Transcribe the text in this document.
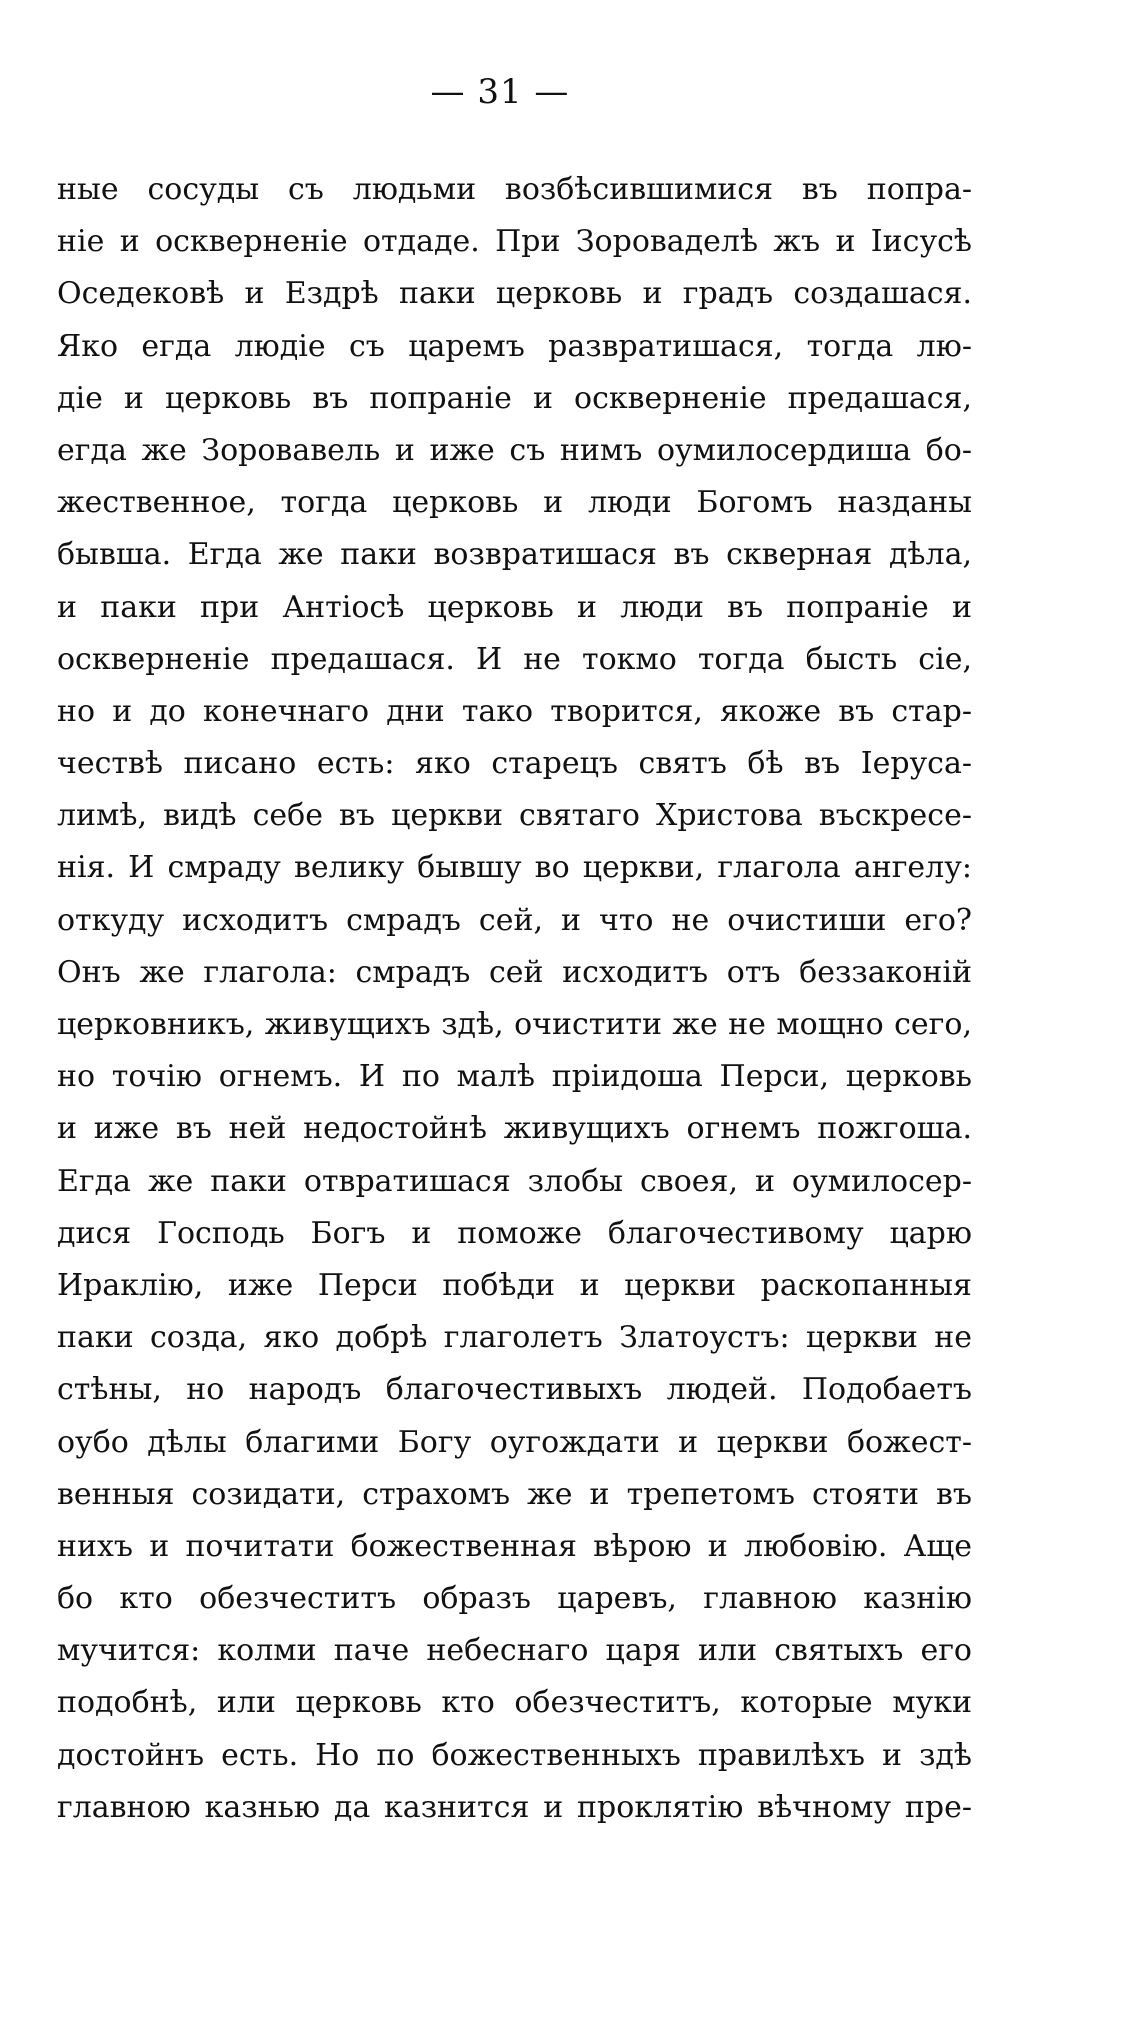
— 31 —
ные сосуды съ людьми возбѣсившимися въ попра-
ніе и оскверненіе отдаде. При Зороваделѣ жъ и Іисусѣ
Оседековѣ и Ездрѣ паки церковь и градъ создашася.
Яко егда людіе съ царемъ развратишася, тогда лю-
діе и церковь въ попраніе и оскверненіе предашася,
егда же Зоровавель и иже съ нимъ оумилосердиша бо-
жественное, тогда церковь и люди Богомъ назданы
бывша. Егда же паки возвратишася въ скверная дѣла,
и паки при Антіосѣ церковь и люди въ попраніе и
оскверненіе предашася. И не токмо тогда бысть сіе,
но и до конечнаго дни тако творится, якоже въ стар-
чествѣ писано есть: яко старецъ святъ бѣ въ Іеруса-
лимѣ, видѣ себе въ церкви святаго Христова въскресе-
нія. И смраду велику бывшу во церкви, глагола ангелу:
откуду исходитъ смрадъ сей, и что не очистиши его?
Онъ же глагола: смрадъ сей исходитъ отъ беззаконій
церковникъ, живущихъ здѣ, очистити же не мощно сего,
но точію огнемъ. И по малѣ пріидоша Перси, церковь
и иже въ ней недостойнѣ живущихъ огнемъ пожгоша.
Егда же паки отвратишася злобы своея, и оумилосер-
дися Господь Богъ и поможе благочестивому царю
Ираклію, иже Перси побѣди и церкви раскопанныя
паки созда, яко добрѣ глаголетъ Златоустъ: церкви не
стѣны, но народъ благочестивыхъ людей. Подобаетъ
оубо дѣлы благими Богу оугождати и церкви божест-
венныя созидати, страхомъ же и трепетомъ стояти въ
нихъ и почитати божественная вѣрою и любовію. Аще
бо кто обезчеститъ образъ царевъ, главною казнію
мучится: колми паче небеснаго царя или святыхъ его
подобнѣ, или церковь кто обезчеститъ, которые муки
достойнъ есть. Но по божественныхъ правилѣхъ и здѣ
главною казнью да казнится и проклятію вѣчному пре-
